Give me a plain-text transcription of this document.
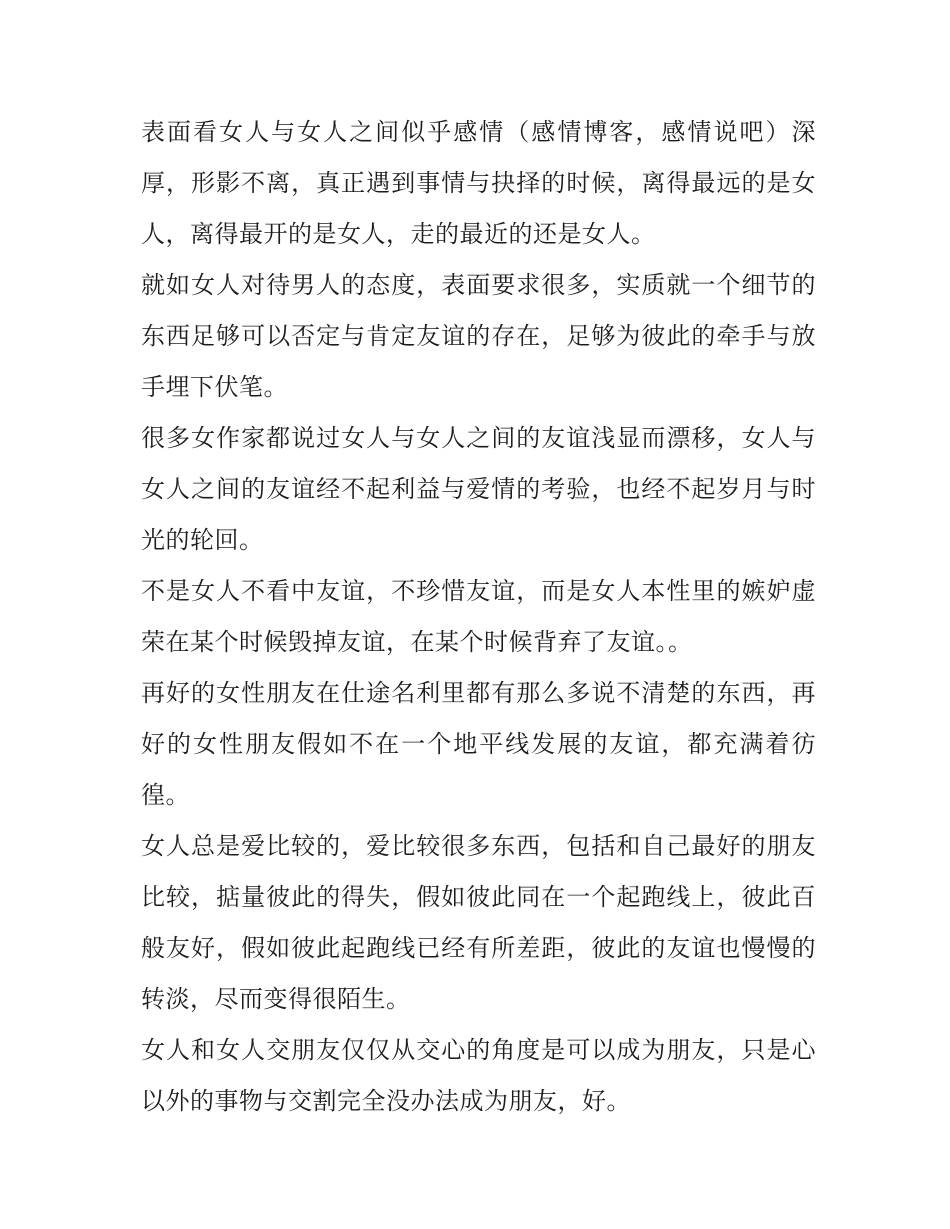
表面看女人与女人之间似乎感情（感情博客，感情说吧）深厚，形影不离，真正遇到事情与抉择的时候，离得最远的是女人，离得最开的是女人，走的最近的还是女人。

就如女人对待男人的态度，表面要求很多，实质就一个细节的东西足够可以否定与肯定友谊的存在，足够为彼此的牵手与放手埋下伏笔。

很多女作家都说过女人与女人之间的友谊浅显而漂移，女人与女人之间的友谊经不起利益与爱情的考验，也经不起岁月与时光的轮回。

不是女人不看中友谊，不珍惜友谊，而是女人本性里的嫉妒虚荣在某个时候毁掉友谊，在某个时候背弃了友谊。。

再好的女性朋友在仕途名利里都有那么多说不清楚的东西，再好的女性朋友假如不在一个地平线发展的友谊，都充满着彷徨。

女人总是爱比较的，爱比较很多东西，包括和自己最好的朋友比较，掂量彼此的得失，假如彼此同在一个起跑线上，彼此百般友好，假如彼此起跑线已经有所差距，彼此的友谊也慢慢的转淡，尽而变得很陌生。

女人和女人交朋友仅仅从交心的角度是可以成为朋友，只是心以外的事物与交割完全没办法成为朋友，好。
